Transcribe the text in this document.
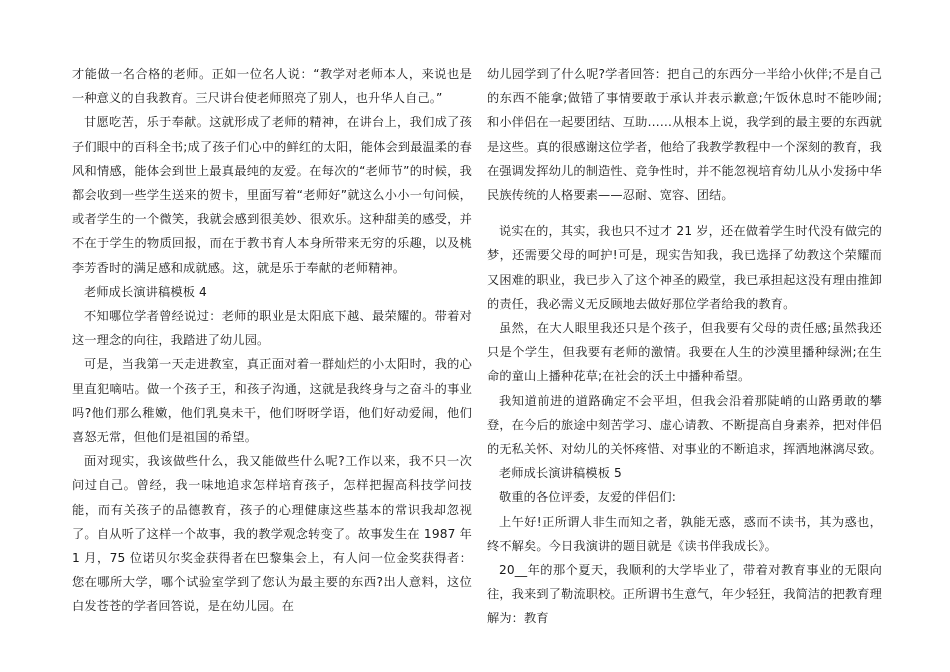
才能做一名合格的老师。正如一位名人说：“教学对老师本人，来说也是一种意义的自我教育。三尺讲台使老师照亮了别人，也升华人自己。”

甘愿吃苦，乐于奉献。这就形成了老师的精神，在讲台上，我们成了孩子们眼中的百科全书;成了孩子们心中的鲜红的太阳，能体会到最温柔的春风和情感，能体会到世上最真最纯的友爱。在每次的“老师节”的时候，我都会收到一些学生送来的贺卡，里面写着“老师好”就这么小小一句问候，或者学生的一个微笑，我就会感到很美妙、很欢乐。这种甜美的感受，并不在于学生的物质回报，而在于教书育人本身所带来无穷的乐趣，以及桃李芳香时的满足感和成就感。这，就是乐于奉献的老师精神。

老师成长演讲稿模板 4

不知哪位学者曾经说过：老师的职业是太阳底下越、最荣耀的。带着对这一理念的向往，我踏进了幼儿园。

可是，当我第一天走进教室，真正面对着一群灿烂的小太阳时，我的心里直犯嘀咕。做一个孩子王，和孩子沟通，这就是我终身与之奋斗的事业吗?他们那么稚嫩，他们乳臭未干，他们呀呀学语，他们好动爱闹，他们喜怒无常，但他们是祖国的希望。

面对现实，我该做些什么，我又能做些什么呢?工作以来，我不只一次问过自己。曾经，我一味地追求怎样培育孩子，怎样把握高科技学问技能，而有关孩子的品德教育，孩子的心理健康这些基本的常识我却忽视了。自从听了这样一个故事，我的教学观念转变了。故事发生在 1987 年 1 月，75 位诺贝尔奖金获得者在巴黎集会上，有人问一位金奖获得者：您在哪所大学，哪个试验室学到了您认为最主要的东西?出人意料，这位白发苍苍的学者回答说，是在幼儿园。在

幼儿园学到了什么呢?学者回答：把自己的东西分一半给小伙伴;不是自己的东西不能拿;做错了事情要敢于承认并表示歉意;午饭休息时不能吵闹;和小伴侣在一起要团结、互助……从根本上说，我学到的最主要的东西就是这些。真的很感谢这位学者，他给了我教学教程中一个深刻的教育，我在强调发挥幼儿的制造性、竞争性时，并不能忽视培育幼儿从小发扬中华民族传统的人格要素——忍耐、宽容、团结。

说实在的，其实，我也只不过才 21 岁，还在做着学生时代没有做完的梦，还需要父母的呵护!可是，现实告知我，我已选择了幼教这个荣耀而又困难的职业，我已步入了这个神圣的殿堂，我已承担起这没有理由推卸的责任，我必需义无反顾地去做好那位学者给我的教育。

虽然，在大人眼里我还只是个孩子，但我要有父母的责任感;虽然我还只是个学生，但我要有老师的激情。我要在人生的沙漠里播种绿洲;在生命的童山上播种花草;在社会的沃土中播种希望。

我知道前进的道路确定不会平坦，但我会沿着那陡峭的山路勇敢的攀登，在今后的旅途中刻苦学习、虚心请教、不断提高自身素养，把对伴侣的无私关怀、对幼儿的关怀疼惜、对事业的不断追求，挥洒地淋漓尽致。

老师成长演讲稿模板 5

敬重的各位评委，友爱的伴侣们:

上午好!正所谓人非生而知之者，孰能无惑，惑而不读书，其为惑也，终不解矣。今日我演讲的题目就是《读书伴我成长》。

20__年的那个夏天，我顺利的大学毕业了，带着对教育事业的无限向往，我来到了勒流职校。正所谓书生意气，年少轻狂，我简洁的把教育理解为：教育
